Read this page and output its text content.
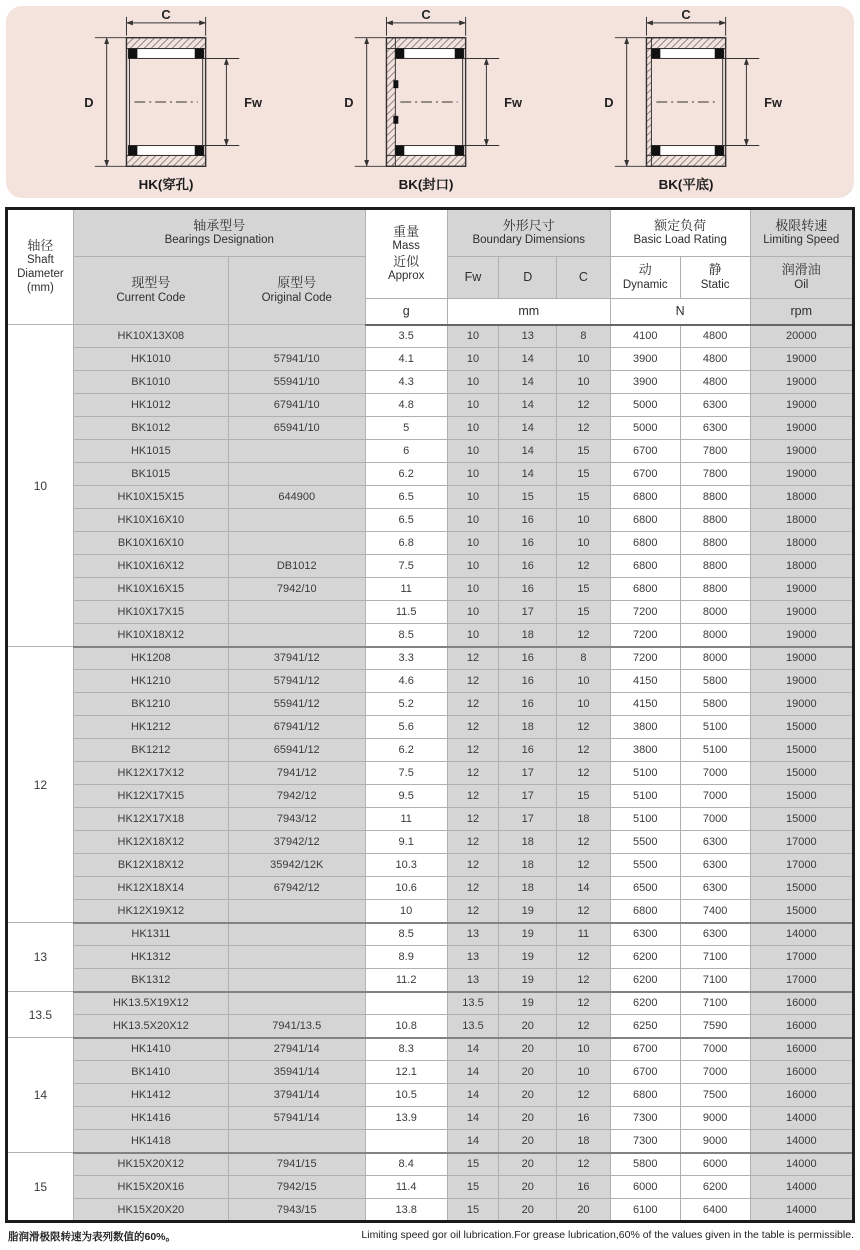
C
D	Fw
HK(穿孔)
C
D	Fw
BK(封口)
C
D	Fw
BK(平底)
轴径
Shaft
Diameter
(mm)	轴承型号
Bearings Designation		重量
Mass
近似
Approx	外形尺寸
Boundary Dimensions			额定负荷
Basic Load Rating		极限转速
Limiting Speed

	现型号
Current Code	原型号
Original Code		Fw	D	C	动
Dynamic	静
Static	润滑油
Oil

			g	mm			N		rpm
10	HK10X13X08		3.5	10	13	8	4100	4800	20000
	HK1010	57941/10	4.1	10	14	10	3900	4800	19000
	BK1010	55941/10	4.3	10	14	10	3900	4800	19000
	HK1012	67941/10	4.8	10	14	12	5000	6300	19000
	BK1012	65941/10	5	10	14	12	5000	6300	19000
	HK1015		6	10	14	15	6700	7800	19000
	BK1015		6.2	10	14	15	6700	7800	19000
	HK10X15X15	644900	6.5	10	15	15	6800	8800	18000
	HK10X16X10		6.5	10	16	10	6800	8800	18000
	BK10X16X10		6.8	10	16	10	6800	8800	18000
	HK10X16X12	DB1012	7.5	10	16	12	6800	8800	18000
	HK10X16X15	7942/10	11	10	16	15	6800	8800	19000
	HK10X17X15		11.5	10	17	15	7200	8000	19000
	HK10X18X12		8.5	10	18	12	7200	8000	19000
12	HK1208	37941/12	3.3	12	16	8	7200	8000	19000
	HK1210	57941/12	4.6	12	16	10	4150	5800	19000
	BK1210	55941/12	5.2	12	16	10	4150	5800	19000
	HK1212	67941/12	5.6	12	18	12	3800	5100	15000
	BK1212	65941/12	6.2	12	16	12	3800	5100	15000
	HK12X17X12	7941/12	7.5	12	17	12	5100	7000	15000
	HK12X17X15	7942/12	9.5	12	17	15	5100	7000	15000
	HK12X17X18	7943/12	11	12	17	18	5100	7000	15000
	HK12X18X12	37942/12	9.1	12	18	12	5500	6300	17000
	BK12X18X12	35942/12K	10.3	12	18	12	5500	6300	17000
	HK12X18X14	67942/12	10.6	12	18	14	6500	6300	15000
	HK12X19X12		10	12	19	12	6800	7400	15000
13	HK1311		8.5	13	19	11	6300	6300	14000
	HK1312		8.9	13	19	12	6200	7100	17000
	BK1312		11.2	13	19	12	6200	7100	17000
13.5	HK13.5X19X12			13.5	19	12	6200	7100	16000
	HK13.5X20X12	7941/13.5	10.8	13.5	20	12	6250	7590	16000
14	HK1410	27941/14	8.3	14	20	10	6700	7000	16000
	BK1410	35941/14	12.1	14	20	10	6700	7000	16000
	HK1412	37941/14	10.5	14	20	12	6800	7500	16000
	HK1416	57941/14	13.9	14	20	16	7300	9000	14000
	HK1418			14	20	18	7300	9000	14000
15	HK15X20X12	7941/15	8.4	15	20	12	5800	6000	14000
	HK15X20X16	7942/15	11.4	15	20	16	6000	6200	14000
	HK15X20X20	7943/15	13.8	15	20	20	6100	6400	14000
脂润滑极限转速为表列数值的60%。	Limiting speed gor oil lubrication.For grease lubrication,60% of the values given in the table is permissible.
